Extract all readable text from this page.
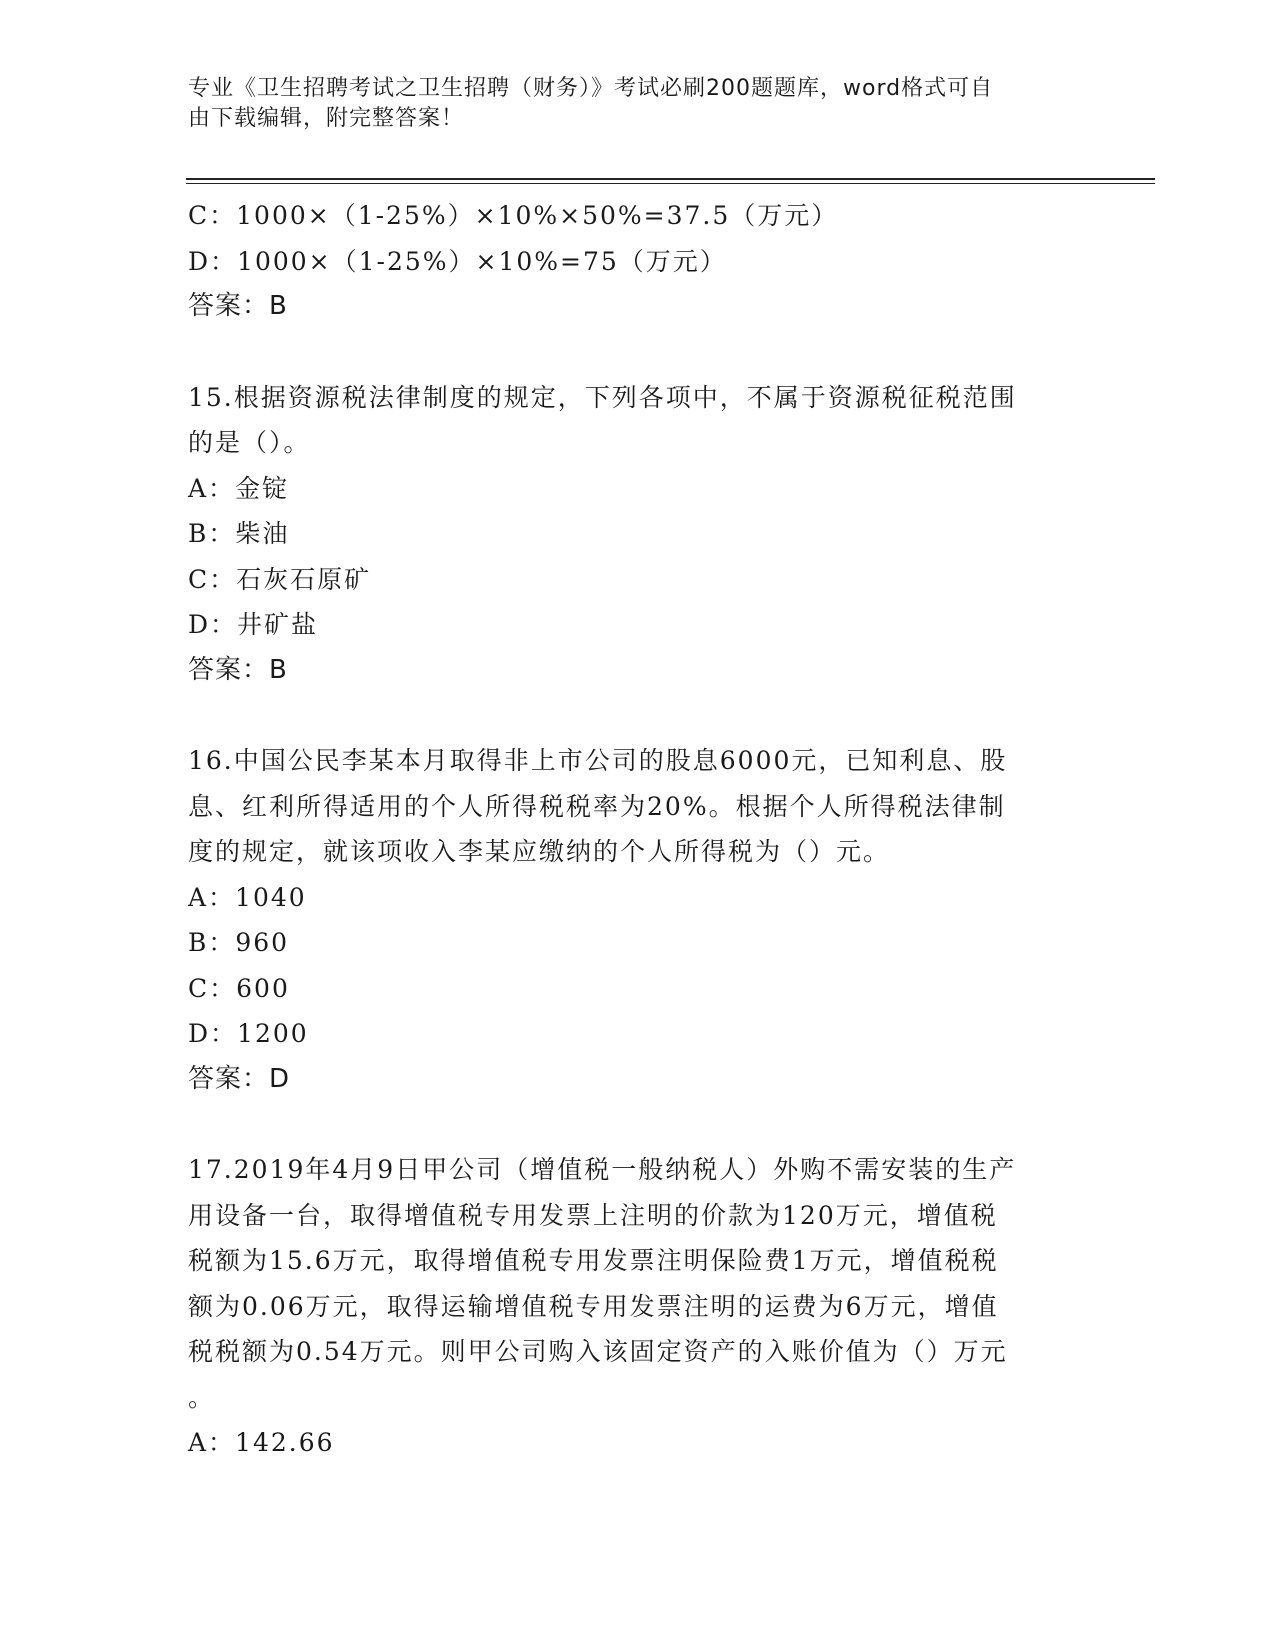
专业《卫生招聘考试之卫生招聘（财务）》考试必刷200题题库，word格式可自
由下载编辑，附完整答案！
C：1000×（1-25%）×10%×50%=37.5（万元）
D：1000×（1-25%）×10%=75（万元）
答案：B
15.根据资源税法律制度的规定，下列各项中，不属于资源税征税范围
的是（）。
A：金锭
B：柴油
C：石灰石原矿
D：井矿盐
答案：B
16.中国公民李某本月取得非上市公司的股息6000元，已知利息、股
息、红利所得适用的个人所得税税率为20%。根据个人所得税法律制
度的规定，就该项收入李某应缴纳的个人所得税为（）元。
A：1040
B：960
C：600
D：1200
答案：D
17.2019年4月9日甲公司（增值税一般纳税人）外购不需安装的生产
用设备一台，取得增值税专用发票上注明的价款为120万元，增值税
税额为15.6万元，取得增值税专用发票注明保险费1万元，增值税税
额为0.06万元，取得运输增值税专用发票注明的运费为6万元，增值
税税额为0.54万元。则甲公司购入该固定资产的入账价值为（）万元
。
A：142.66
